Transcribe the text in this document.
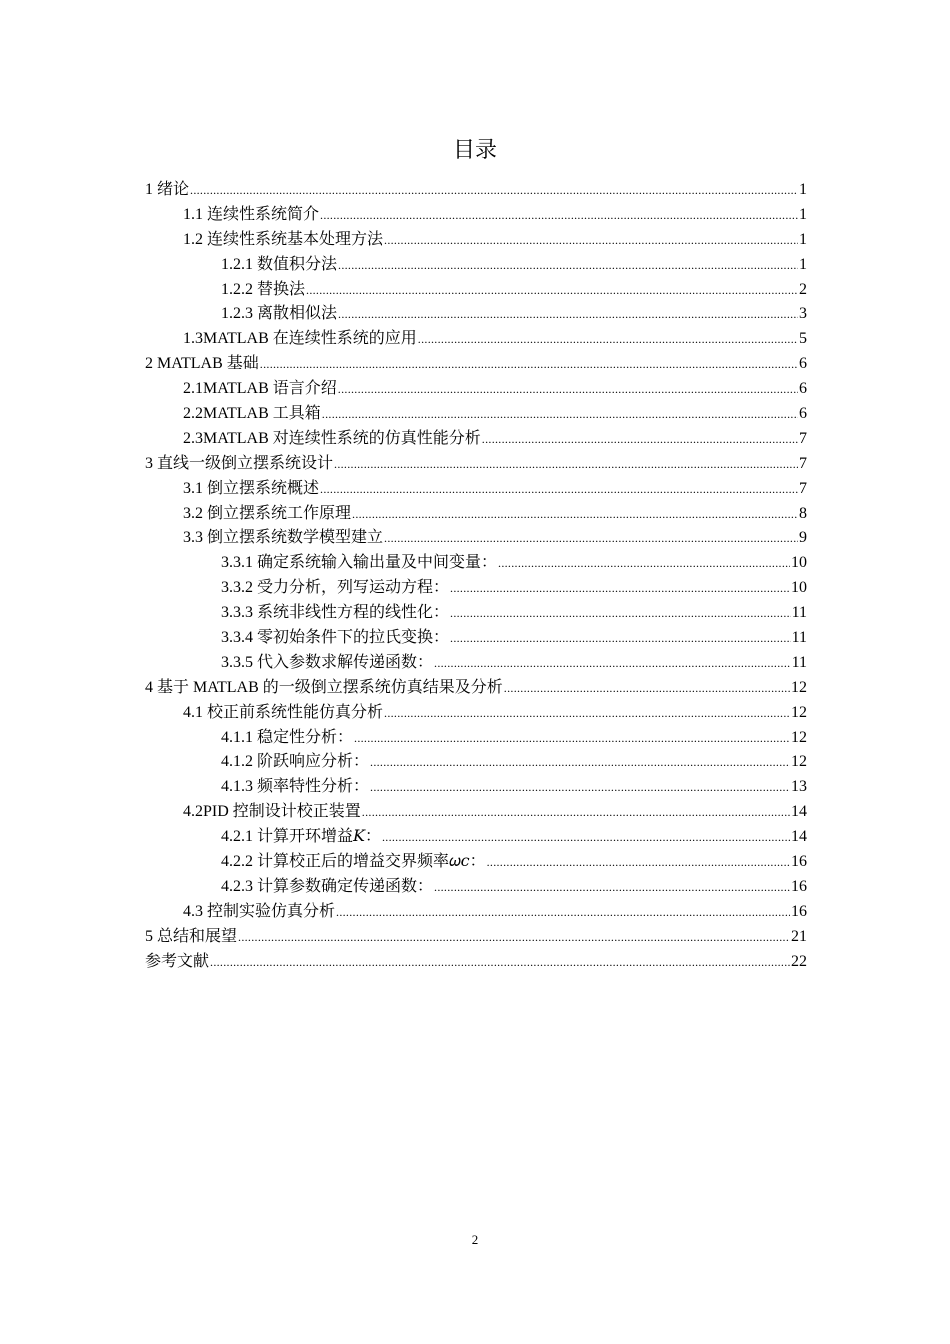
目录
1 绪论 .....	1
1.1 连续性系统简介 .....	1
1.2 连续性系统基本处理方法 .....	1
1.2.1 数值积分法 .....	1
1.2.2 替换法 .....	2
1.2.3 离散相似法 .....	3
1.3MATLAB 在连续性系统的应用 .....	5
2 MATLAB 基础 .....	6
2.1MATLAB 语言介绍 .....	6
2.2MATLAB 工具箱 .....	6
2.3MATLAB 对连续性系统的仿真性能分析 .....	7
3 直线一级倒立摆系统设计 .....	7
3.1 倒立摆系统概述 .....	7
3.2 倒立摆系统工作原理 .....	8
3.3 倒立摆系统数学模型建立 .....	9
3.3.1 确定系统输入输出量及中间变量： .....	10
3.3.2 受力分析，列写运动方程： .....	10
3.3.3 系统非线性方程的线性化： .....	11
3.3.4 零初始条件下的拉氏变换： .....	11
3.3.5 代入参数求解传递函数： .....	11
4 基于 MATLAB 的一级倒立摆系统仿真结果及分析 .....	12
4.1 校正前系统性能仿真分析 .....	12
4.1.1 稳定性分析： .....	12
4.1.2 阶跃响应分析： .....	12
4.1.3 频率特性分析： .....	13
4.2PID 控制设计校正装置 .....	14
4.2.1 计算开环增益𝐾： .....	14
4.2.2 计算校正后的增益交界频率𝜔𝑐： .....	16
4.2.3 计算参数确定传递函数： .....	16
4.3 控制实验仿真分析 .....	16
5 总结和展望 .....	21
参考文献 .....	22
2
